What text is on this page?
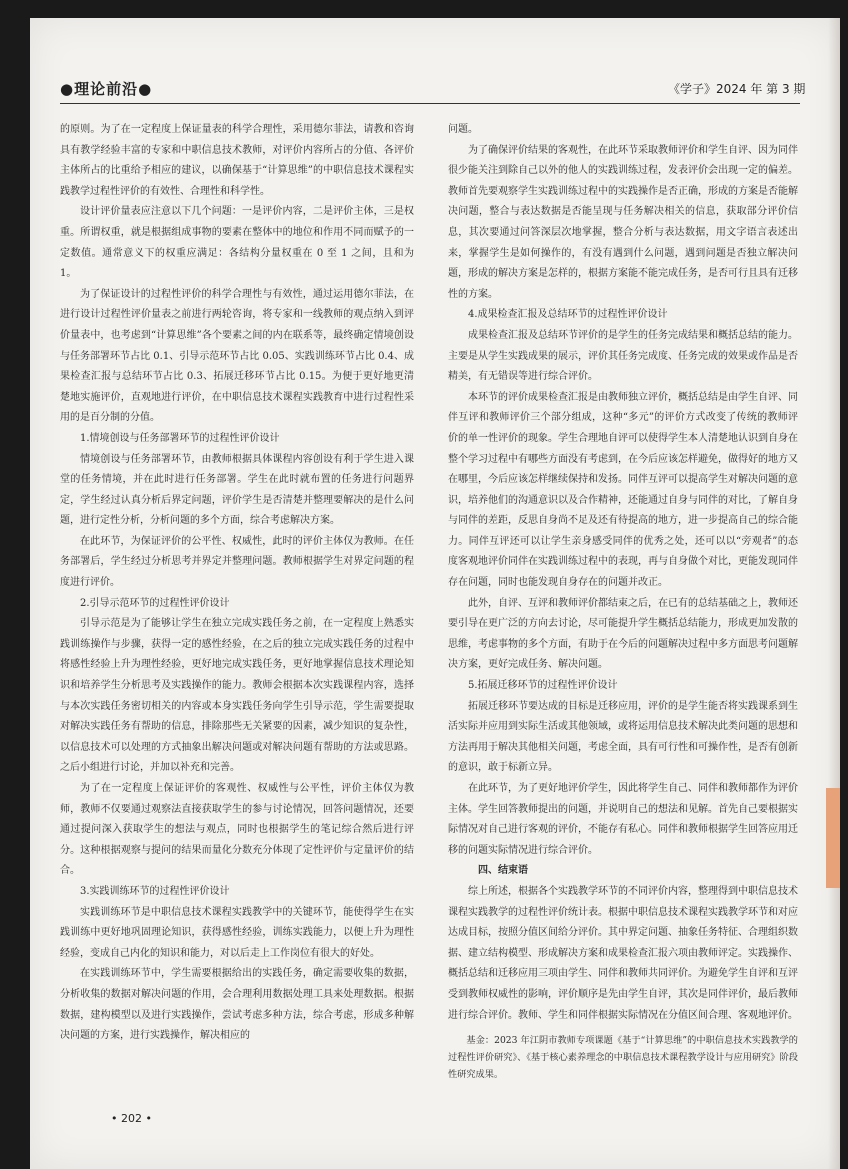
●理论前沿●	《学子》2024 年 第 3 期

的原则。为了在一定程度上保证量表的科学合理性，采用德尔菲法，请教和咨询具有教学经验丰富的专家和中职信息技术教师，对评价内容所占的分值、各评价主体所占的比重给予相应的建议，以确保基于“计算思维”的中职信息技术课程实践教学过程性评价的有效性、合理性和科学性。

设计评价量表应注意以下几个问题：一是评价内容，二是评价主体，三是权重。所谓权重，就是根据组成事物的要素在整体中的地位和作用不同而赋予的一定数值。通常意义下的权重应满足：各结构分量权重在 0 至 1 之间，且和为 1。

为了保证设计的过程性评价的科学合理性与有效性，通过运用德尔菲法，在进行设计过程性评价量表之前进行两轮咨询，将专家和一线教师的观点纳入到评价量表中，也考虑到“计算思维”各个要素之间的内在联系等，最终确定情境创设与任务部署环节占比 0.1、引导示范环节占比 0.05、实践训练环节占比 0.4、成果检查汇报与总结环节占比 0.3、拓展迁移环节占比 0.15。为便于更好地更清楚地实施评价，直观地进行评价，在中职信息技术课程实践教育中进行过程性采用的是百分制的分值。

1.情境创设与任务部署环节的过程性评价设计

情境创设与任务部署环节，由教师根据具体课程内容创设有利于学生进入课堂的任务情境，并在此时进行任务部署。学生在此时就布置的任务进行问题界定，学生经过认真分析后界定问题，评价学生是否清楚并整理要解决的是什么问题，进行定性分析，分析问题的多个方面，综合考虑解决方案。

在此环节，为保证评价的公平性、权威性，此时的评价主体仅为教师。在任务部署后，学生经过分析思考并界定并整理问题。教师根据学生对界定问题的程度进行评价。

2.引导示范环节的过程性评价设计

引导示范是为了能够让学生在独立完成实践任务之前，在一定程度上熟悉实践训练操作与步骤，获得一定的感性经验，在之后的独立完成实践任务的过程中将感性经验上升为理性经验，更好地完成实践任务，更好地掌握信息技术理论知识和培养学生分析思考及实践操作的能力。教师会根据本次实践课程内容，选择与本次实践任务密切相关的内容或本身实践任务向学生引导示范，学生需要提取对解决实践任务有帮助的信息，排除那些无关紧要的因素，减少知识的复杂性，以信息技术可以处理的方式抽象出解决问题或对解决问题有帮助的方法或思路。之后小组进行讨论，并加以补充和完善。

为了在一定程度上保证评价的客观性、权威性与公平性，评价主体仅为教师，教师不仅要通过观察法直接获取学生的参与讨论情况，回答问题情况，还要通过提问深入获取学生的想法与观点，同时也根据学生的笔记综合然后进行评分。这种根据观察与提问的结果而量化分数充分体现了定性评价与定量评价的结合。

3.实践训练环节的过程性评价设计

实践训练环节是中职信息技术课程实践教学中的关键环节，能使得学生在实践训练中更好地巩固理论知识，获得感性经验，训练实践能力，以便上升为理性经验，变成自己内化的知识和能力，对以后走上工作岗位有很大的好处。

在实践训练环节中，学生需要根据给出的实践任务，确定需要收集的数据，分析收集的数据对解决问题的作用，会合理利用数据处理工具来处理数据。根据数据，建构模型以及进行实践操作，尝试考虑多种方法，综合考虑，形成多种解决问题的方案，进行实践操作，解决相应的

问题。

为了确保评价结果的客观性，在此环节采取教师评价和学生自评、因为同伴很少能关注到除自己以外的他人的实践训练过程，发表评价会出现一定的偏差。教师首先要观察学生实践训练过程中的实践操作是否正确，形成的方案是否能解决问题，整合与表达数据是否能呈现与任务解决相关的信息，获取部分评价信息，其次要通过问答深层次地掌握，整合分析与表达数据，用文字语言表述出来，掌握学生是如何操作的，有没有遇到什么问题，遇到问题是否独立解决问题，形成的解决方案是怎样的，根据方案能不能完成任务，是否可行且具有迁移性的方案。

4.成果检查汇报及总结环节的过程性评价设计

成果检查汇报及总结环节评价的是学生的任务完成结果和概括总结的能力。主要是从学生实践成果的展示，评价其任务完成度、任务完成的效果或作品是否精美，有无错误等进行综合评价。

本环节的评价成果检查汇报是由教师独立评价，概括总结是由学生自评、同伴互评和教师评价三个部分组成，这种“多元”的评价方式改变了传统的教师评价的单一性评价的现象。学生合理地自评可以使得学生本人清楚地认识到自身在整个学习过程中有哪些方面没有考虑到，在今后应该怎样避免，做得好的地方又在哪里，今后应该怎样继续保持和发扬。同伴互评可以提高学生对解决问题的意识，培养他们的沟通意识以及合作精神，还能通过自身与同伴的对比，了解自身与同伴的差距，反思自身尚不足及还有待提高的地方，进一步提高自己的综合能力。同伴互评还可以让学生亲身感受同伴的优秀之处，还可以以“旁观者”的态度客观地评价同伴在实践训练过程中的表现，再与自身做个对比，更能发现同伴存在问题，同时也能发现自身存在的问题并改正。

此外，自评、互评和教师评价都结束之后，在已有的总结基础之上，教师还要引导在更广泛的方向去讨论，尽可能提升学生概括总结能力，形成更加发散的思维，考虑事物的多个方面，有助于在今后的问题解决过程中多方面思考问题解决方案，更好完成任务、解决问题。

5.拓展迁移环节的过程性评价设计

拓展迁移环节要达成的目标是迁移应用，评价的是学生能否将实践课系到生活实际并应用到实际生活或其他领域，或将运用信息技术解决此类问题的思想和方法再用于解决其他相关问题，考虑全面，具有可行性和可操作性，是否有创新的意识，敢于标新立异。

在此环节，为了更好地评价学生，因此将学生自己、同伴和教师都作为评价主体。学生回答教师提出的问题，并说明自己的想法和见解。首先自己要根据实际情况对自己进行客观的评价，不能存有私心。同伴和教师根据学生回答应用迁移的问题实际情况进行综合评价。

四、结束语

综上所述，根据各个实践教学环节的不同评价内容，整理得到中职信息技术课程实践教学的过程性评价统计表。根据中职信息技术课程实践教学环节和对应达成目标，按照分值区间给分评价。其中界定问题、抽象任务特征、合理组织数据、建立结构模型、形成解决方案和成果检查汇报六项由教师评定。实践操作、概括总结和迁移应用三项由学生、同伴和教师共同评价。为避免学生自评和互评受到教师权威性的影响，评价顺序是先由学生自评，其次是同伴评价，最后教师进行综合评价。教师、学生和同伴根据实际情况在分值区间合理、客观地评价。

基金：2023 年江阴市教师专项课题《基于“计算思维”的中职信息技术实践教学的过程性评价研究》、《基于核心素养理念的中职信息技术课程教学设计与应用研究》阶段性研究成果。

• 202 •
